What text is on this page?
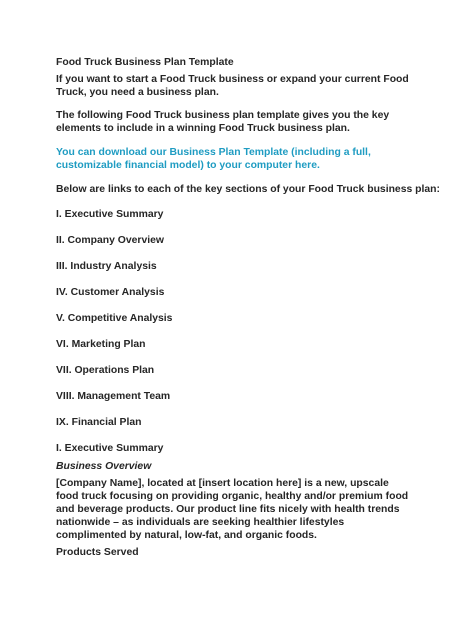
Food Truck Business Plan Template
If you want to start a Food Truck business or expand your current Food Truck, you need a business plan.
The following Food Truck business plan template gives you the key elements to include in a winning Food Truck business plan.
You can download our Business Plan Template (including a full, customizable financial model) to your computer here.
Below are links to each of the key sections of your Food Truck business plan:
I. Executive Summary
II. Company Overview
III. Industry Analysis
IV. Customer Analysis
V. Competitive Analysis
VI. Marketing Plan
VII. Operations Plan
VIII. Management Team
IX. Financial Plan
I. Executive Summary
Business Overview
[Company Name], located at [insert location here] is a new, upscale food truck focusing on providing organic, healthy and/or premium food and beverage products. Our product line fits nicely with health trends nationwide – as individuals are seeking healthier lifestyles complimented by natural, low-fat, and organic foods.
Products Served
